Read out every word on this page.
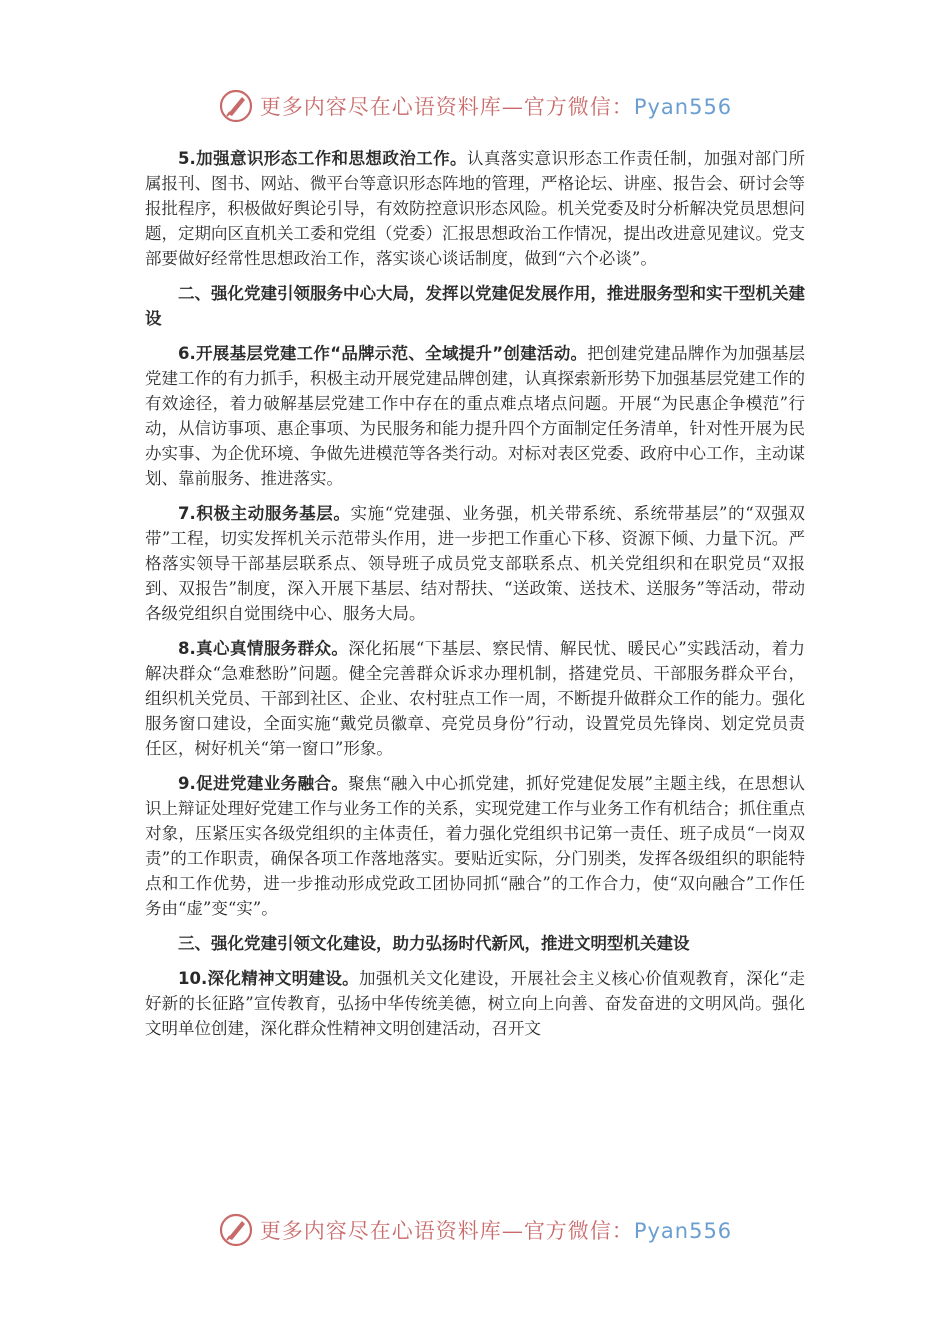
更多内容尽在心语资料库—官方微信：Pyan556

5.加强意识形态工作和思想政治工作。认真落实意识形态工作责任制，加强对部门所属报刊、图书、网站、微平台等意识形态阵地的管理，严格论坛、讲座、报告会、研讨会等报批程序，积极做好舆论引导，有效防控意识形态风险。机关党委及时分析解决党员思想问题，定期向区直机关工委和党组（党委）汇报思想政治工作情况，提出改进意见建议。党支部要做好经常性思想政治工作，落实谈心谈话制度，做到“六个必谈”。

二、强化党建引领服务中心大局，发挥以党建促发展作用，推进服务型和实干型机关建设

6.开展基层党建工作“品牌示范、全域提升”创建活动。把创建党建品牌作为加强基层党建工作的有力抓手，积极主动开展党建品牌创建，认真探索新形势下加强基层党建工作的有效途径，着力破解基层党建工作中存在的重点难点堵点问题。开展“为民惠企争模范”行动，从信访事项、惠企事项、为民服务和能力提升四个方面制定任务清单，针对性开展为民办实事、为企优环境、争做先进模范等各类行动。对标对表区党委、政府中心工作，主动谋划、靠前服务、推进落实。

7.积极主动服务基层。实施“党建强、业务强，机关带系统、系统带基层”的“双强双带”工程，切实发挥机关示范带头作用，进一步把工作重心下移、资源下倾、力量下沉。严格落实领导干部基层联系点、领导班子成员党支部联系点、机关党组织和在职党员“双报到、双报告”制度，深入开展下基层、结对帮扶、“送政策、送技术、送服务”等活动，带动各级党组织自觉围绕中心、服务大局。

8.真心真情服务群众。深化拓展“下基层、察民情、解民忧、暖民心”实践活动，着力解决群众“急难愁盼”问题。健全完善群众诉求办理机制，搭建党员、干部服务群众平台，组织机关党员、干部到社区、企业、农村驻点工作一周，不断提升做群众工作的能力。强化服务窗口建设，全面实施“戴党员徽章、亮党员身份”行动，设置党员先锋岗、划定党员责任区，树好机关“第一窗口”形象。

9.促进党建业务融合。聚焦“融入中心抓党建，抓好党建促发展”主题主线，在思想认识上辩证处理好党建工作与业务工作的关系，实现党建工作与业务工作有机结合；抓住重点对象，压紧压实各级党组织的主体责任，着力强化党组织书记第一责任、班子成员“一岗双责”的工作职责，确保各项工作落地落实。要贴近实际，分门别类，发挥各级组织的职能特点和工作优势，进一步推动形成党政工团协同抓“融合”的工作合力，使“双向融合”工作任务由“虚”变“实”。

三、强化党建引领文化建设，助力弘扬时代新风，推进文明型机关建设

10.深化精神文明建设。加强机关文化建设，开展社会主义核心价值观教育，深化“走好新的长征路”宣传教育，弘扬中华传统美德，树立向上向善、奋发奋进的文明风尚。强化文明单位创建，深化群众性精神文明创建活动，召开文

更多内容尽在心语资料库—官方微信：Pyan556
